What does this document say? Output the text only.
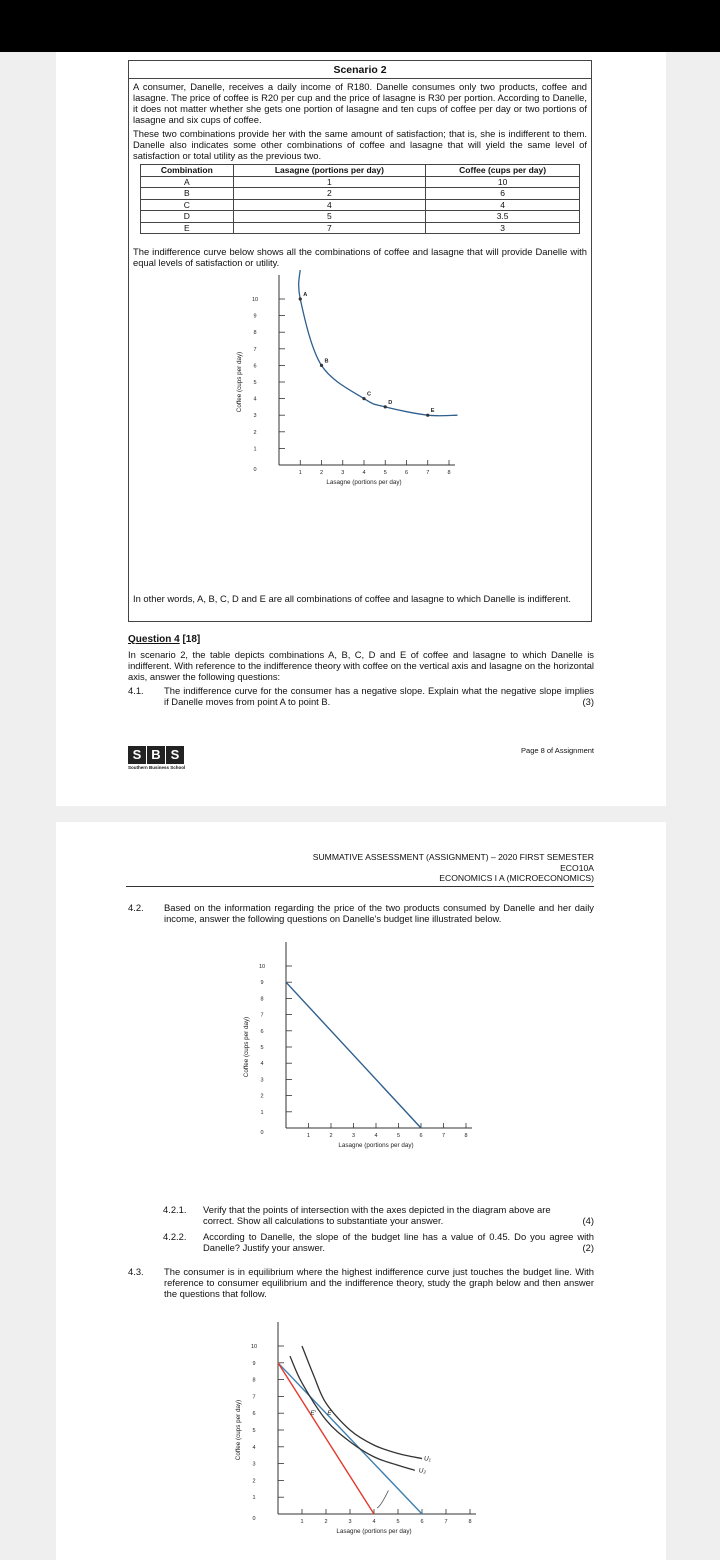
Scenario 2

A consumer, Danelle, receives a daily income of R180. Danelle consumes only two products, coffee and lasagne. The price of coffee is R20 per cup and the price of lasagne is R30 per portion. According to Danelle, it does not matter whether she gets one portion of lasagne and ten cups of coffee per day or two portions of lasagne and six cups of coffee.

These two combinations provide her with the same amount of satisfaction; that is, she is indifferent to them. Danelle also indicates some other combinations of coffee and lasagne that will yield the same level of satisfaction or total utility as the previous two.

Combination	Lasagne (portions per day)	Coffee (cups per day)
A	1	10
B	2	6
C	4	4
D	5	3.5
E	7	3

The indifference curve below shows all the combinations of coffee and lasagne that will provide Danelle with equal levels of satisfaction or utility.

0
1
2
3
4
5
6
7
8
9
10
1	2	3	4	5	6	7	8
Lasagne (portions per day)
Coffee (cups per day)
A
B
C
D
E

In other words, A, B, C, D and E are all combinations of coffee and lasagne to which Danelle is indifferent.

Question 4 [18]

In scenario 2, the table depicts combinations A, B, C, D and E of coffee and lasagne to which Danelle is indifferent. With reference to the indifference theory with coffee on the vertical axis and lasagne on the horizontal axis, answer the following questions:

4.1. The indifference curve for the consumer has a negative slope. Explain what the negative slope implies if Danelle moves from point A to point B.	(3)
S B S
Southern Business School
Page 8 of Assignment
SUMMATIVE ASSESSMENT (ASSIGNMENT) – 2020 FIRST SEMESTER
ECO10A
ECONOMICS I A (MICROECONOMICS)
4.2. Based on the information regarding the price of the two products consumed by Danelle and her daily income, answer the following questions on Danelle's budget line illustrated below.

0
1
2
3
4
5
6
7
8
9
10
1	2	3	4	5	6	7	8
Lasagne (portions per day)
Coffee (cups per day)
4.2.1. Verify that the points of intersection with the axes depicted in the diagram above are correct. Show all calculations to substantiate your answer.	(4)
4.2.2. According to Danelle, the slope of the budget line has a value of 0.45. Do you agree with Danelle? Justify your answer.	(2)
4.3. The consumer is in equilibrium where the highest indifference curve just touches the budget line. With reference to consumer equilibrium and the indifference theory, study the graph below and then answer the questions that follow.

0
1
2
3
4
5
6
7
8
9
10
1	2	3	4	5	6	7	8
Lasagne (portions per day)
Coffee (cups per day)	E′ E
U₁
U₂
